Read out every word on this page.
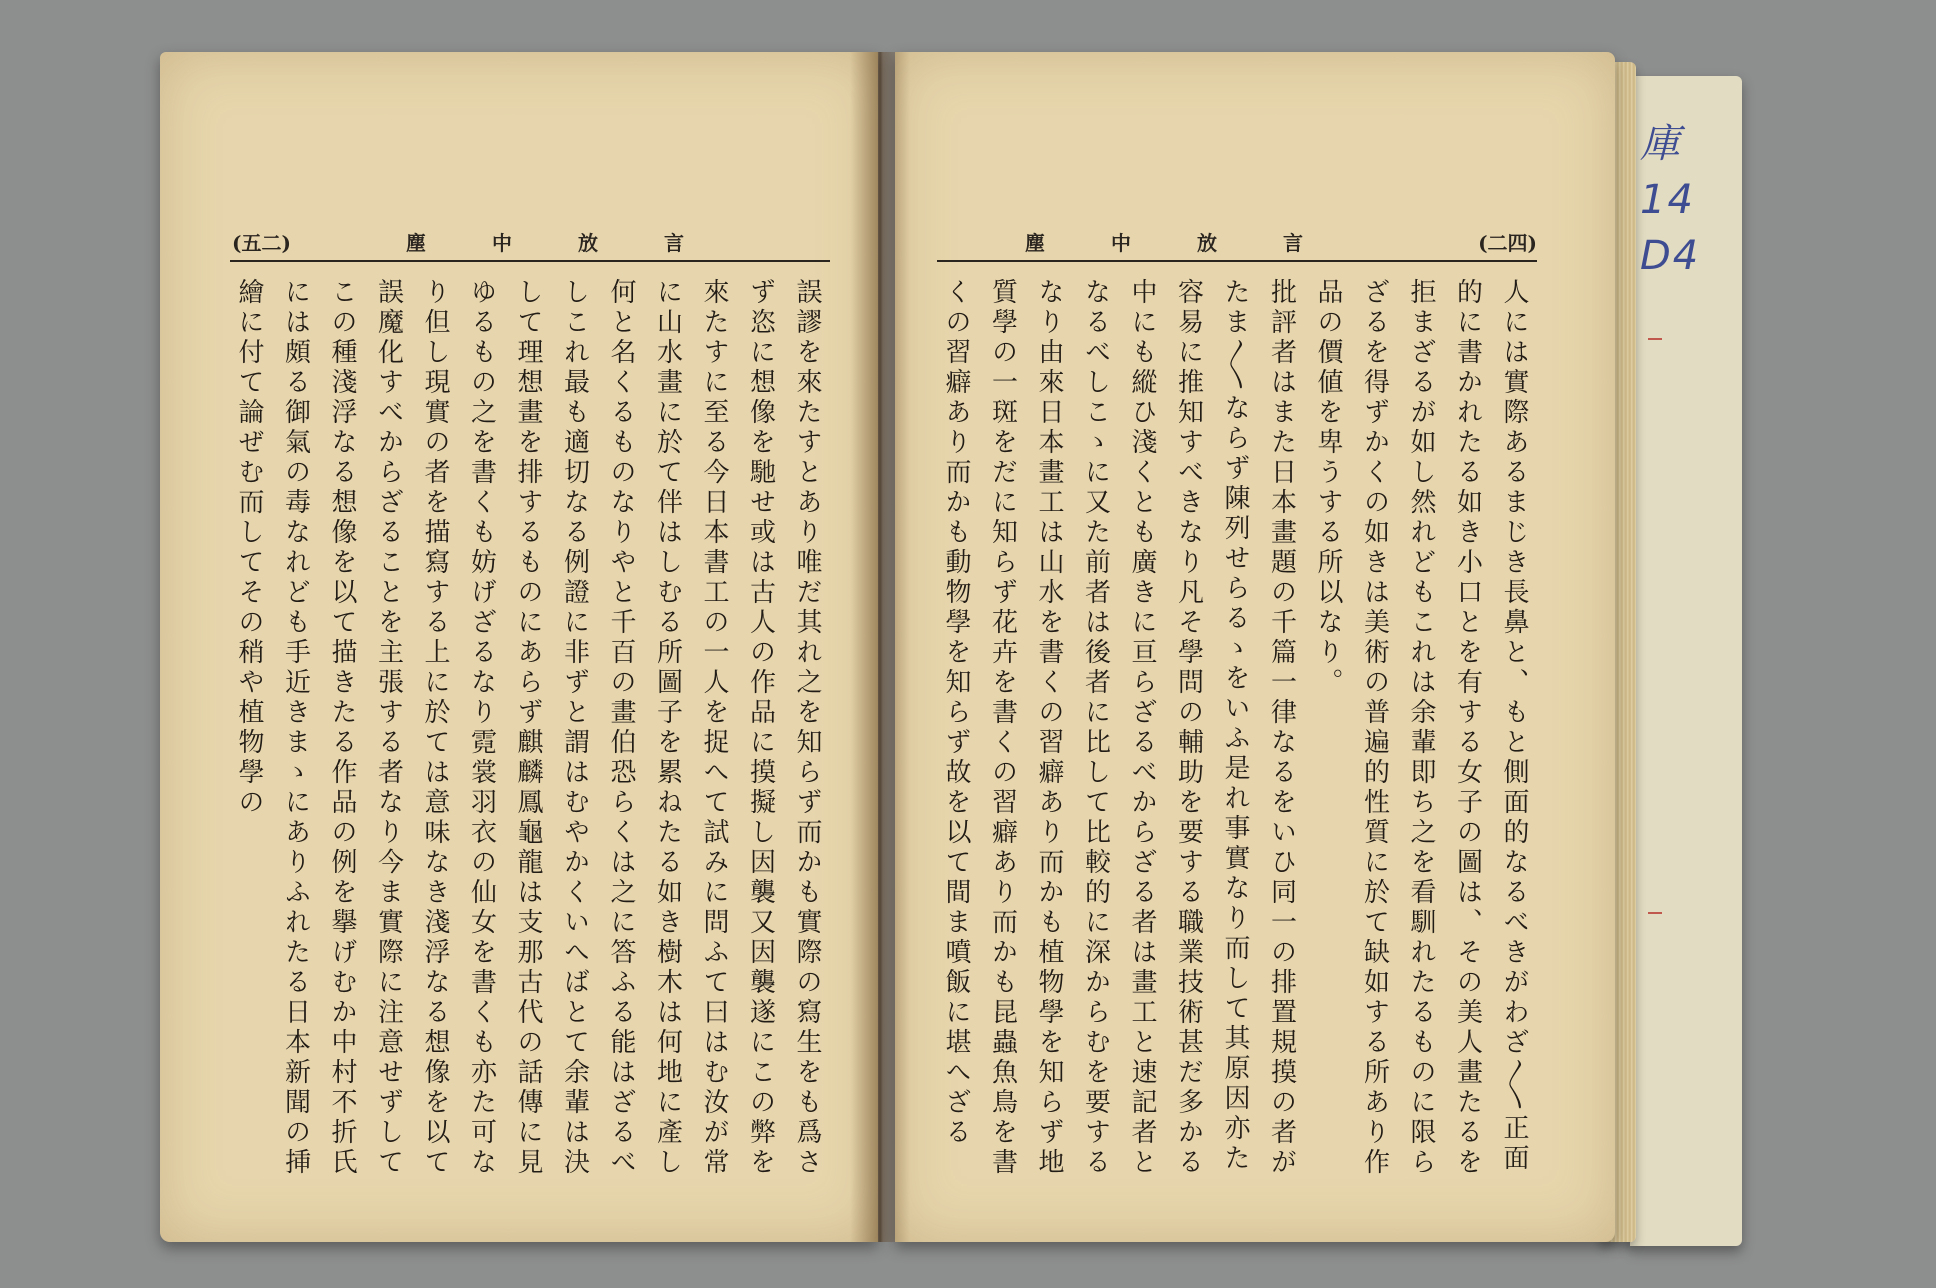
庫14
D4
(五二)	塵中放言
誤謬を來たすとあり唯だ其れ之を知らず而かも實際の寫生をも爲さず恣に想像を馳せ或は古人の作品に摸擬し因襲又因襲遂にこの弊を來たすに至る今日本書工の一人を捉へて試みに問ふて曰はむ汝が常に山水畫に於て伴はしむる所圖子を累ねたる如き樹木は何地に產し何と名くるものなりやと千百の畫伯恐らくは之に答ふる能はざるべしこれ最も適切なる例證に非ずと謂はむやかくいへばとて余輩は決して理想畫を排するものにあらず麒麟鳳龜龍は支那古代の話傳に見ゆるもの之を書くも妨げざるなり霓裳羽衣の仙女を書くも亦た可なり但し現實の者を描寫する上に於ては意味なき淺浮なる想像を以て誤魔化すべからざることを主張する者なり今ま實際に注意せずしてこの種淺浮なる想像を以て描きたる作品の例を擧げむか中村不折氏には頗る御氣の毒なれども手近きまゝにありふれたる日本新聞の挿繪に付て論ぜむ而してその稍や植物學の
塵中放言	(二四)
人には實際あるまじき長鼻と、もと側面的なるべきがわざ〳〵正面的に書かれたる如き小口とを有する女子の圖は、その美人畫たるを拒まざるが如し然れどもこれは余輩即ち之を看馴れたるものに限らざるを得ずかくの如きは美術の普遍的性質に於て缺如する所あり作品の價値を卑うする所以なり。
批評者はまた日本畫題の千篇一律なるをいひ同一の排置規摸の者がたま〳〵ならず陳列せらるゝをいふ是れ事實なり而して其原因亦た容易に推知すべきなり凡そ學問の輔助を要する職業技術甚だ多かる中にも縱ひ淺くとも廣きに亘らざるべからざる者は畫工と速記者となるべしこゝに又た前者は後者に比して比較的に深からむを要するなり由來日本畫工は山水を書くの習癖あり而かも植物學を知らず地質學の一斑をだに知らず花卉を書くの習癖あり而かも昆蟲魚鳥を書くの習癖あり而かも動物學を知らず故を以て間ま噴飯に堪へざる
